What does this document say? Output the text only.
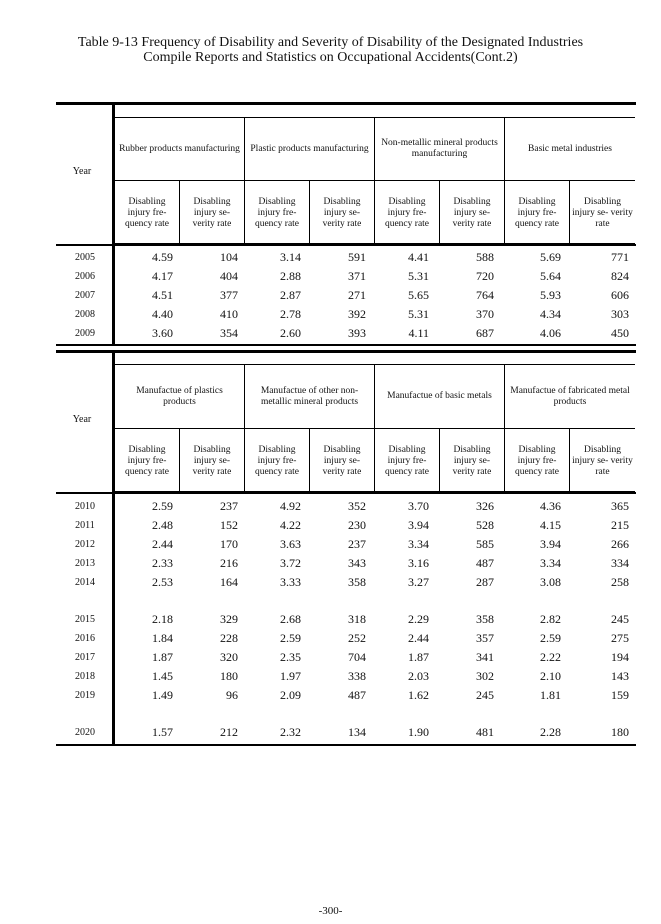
Table 9-13 Frequency of Disability and Severity of Disability of the Designated Industries
Compile Reports and Statistics on Occupational Accidents(Cont.2)
Year
Rubber products manufacturing	Plastic products manufacturing
Non-metallic mineral products manufacturing
Basic metal industries
Disabling injury fre- quency rate
Disabling injury se- verity rate
Disabling injury fre- quency rate
Disabling injury se- verity rate
Disabling injury fre- quency rate
Disabling injury se- verity rate
Disabling injury fre- quency rate
Disabling injury se- verity rate
2005	4.59	104	3.14	591	4.41	588	5.69	771
2006	4.17	404	2.88	371	5.31	720	5.64	824
2007	4.51	377	2.87	271	5.65	764	5.93	606
2008	4.40	410	2.78	392	5.31	370	4.34	303
2009	3.60	354	2.60	393	4.11	687	4.06	450
Year
Manufactue of plastics products
Manufactue of other non- metallic mineral products
Manufactue of basic metals
Manufactue of fabricated metal products
Disabling injury fre- quency rate
Disabling injury se- verity rate
Disabling injury fre- quency rate
Disabling injury se- verity rate
Disabling injury fre- quency rate
Disabling injury se- verity rate
Disabling injury fre- quency rate
Disabling injury se- verity rate
2010	2.59	237	4.92	352	3.70	326	4.36	365
2011	2.48	152	4.22	230	3.94	528	4.15	215
2012	2.44	170	3.63	237	3.34	585	3.94	266
2013	2.33	216	3.72	343	3.16	487	3.34	334
2014	2.53	164	3.33	358	3.27	287	3.08	258
2015	2.18	329	2.68	318	2.29	358	2.82	245
2016	1.84	228	2.59	252	2.44	357	2.59	275
2017	1.87	320	2.35	704	1.87	341	2.22	194
2018	1.45	180	1.97	338	2.03	302	2.10	143
2019	1.49	96	2.09	487	1.62	245	1.81	159
2020	1.57	212	2.32	134	1.90	481	2.28	180
-300-
